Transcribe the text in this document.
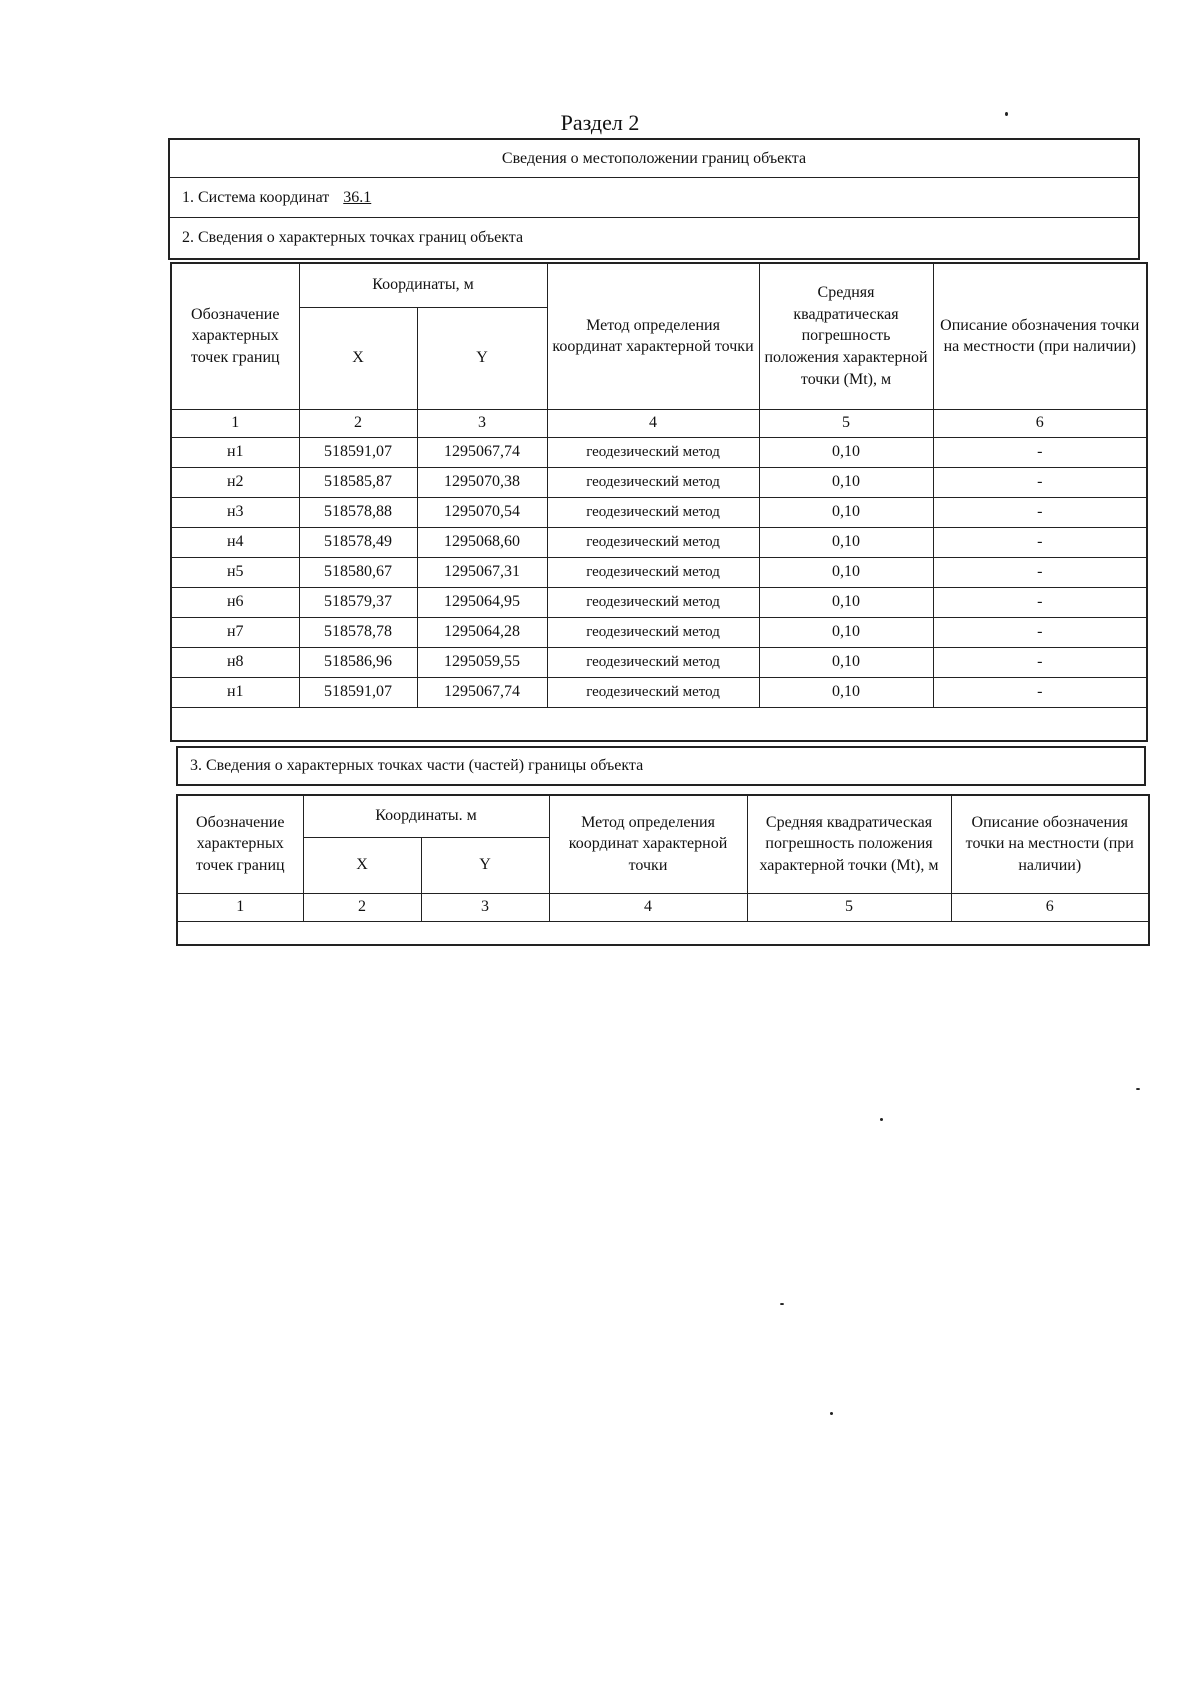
Раздел 2
Сведения о местоположении границ объекта
1. Система координат 36.1
2. Сведения о характерных точках границ объекта
Обозначение характерных точек границ	Координаты, м		Метод определения координат характерной точки	Средняя квадратическая погрешность положения характерной точки (Mt), м	Описание обозначения точки на местности (при наличии)
	X	Y			
1	2	3	4	5	6
н1	518591,07	1295067,74	геодезический метод	0,10	-
н2	518585,87	1295070,38	геодезический метод	0,10	-
н3	518578,88	1295070,54	геодезический метод	0,10	-
н4	518578,49	1295068,60	геодезический метод	0,10	-
н5	518580,67	1295067,31	геодезический метод	0,10	-
н6	518579,37	1295064,95	геодезический метод	0,10	-
н7	518578,78	1295064,28	геодезический метод	0,10	-
н8	518586,96	1295059,55	геодезический метод	0,10	-
н1	518591,07	1295067,74	геодезический метод	0,10	-

3. Сведения о характерных точках части (частей) границы объекта
Обозначение характерных точек границ	Координаты. м		Метод определения координат характерной точки	Средняя квадратическая погрешность положения характерной точки (Mt), м	Описание обозначения точки на местности (при наличии)
	X	Y			
1	2	3	4	5	6
